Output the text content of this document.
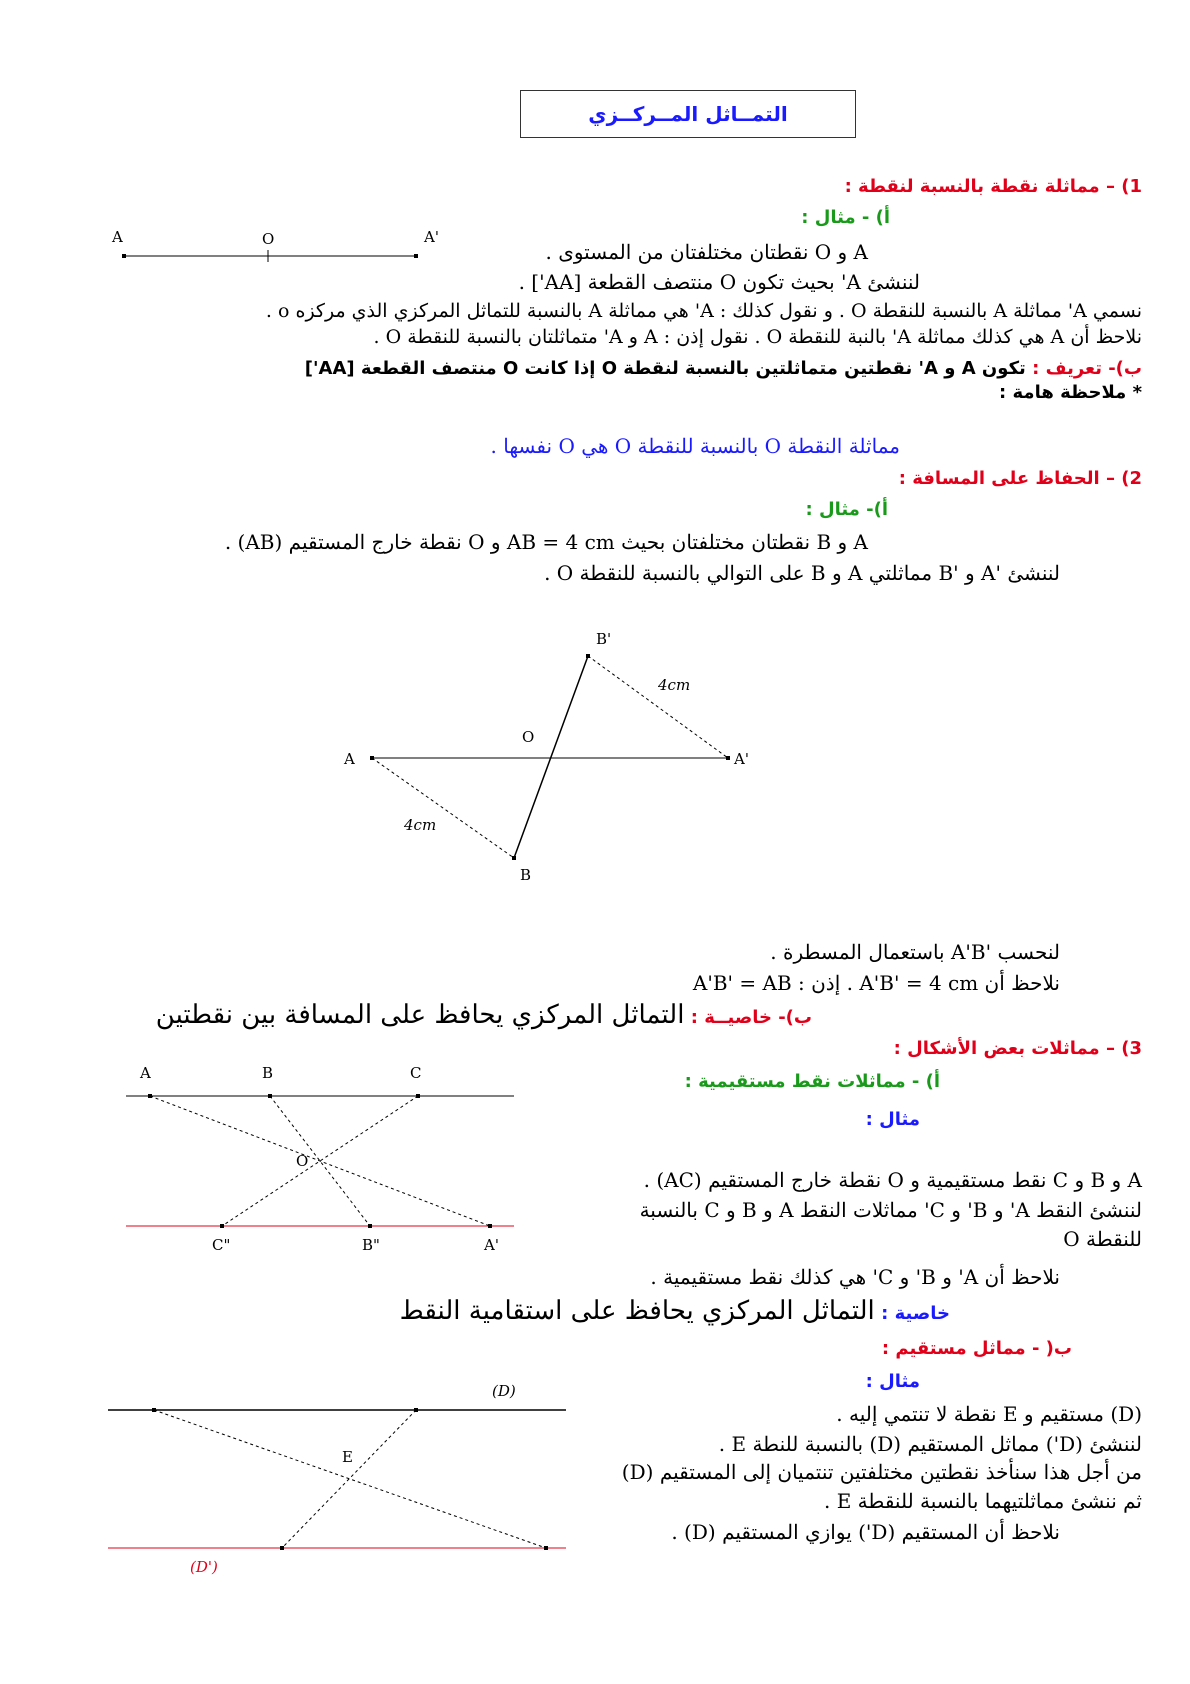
التمــاثل المــركــزي
1) – مماثلة نقطة بالنسبة لنقطة :
أ) - مثال :
A و O نقطتان مختلفتان من المستوى .
لننشئ A' بحيث تكون O منتصف القطعة [AA'] .
نسمي A' مماثلة A بالنسبة للنقطة O . و نقول كذلك : A' هي مماثلة A بالنسبة للتماثل المركزي الذي مركزه o .
نلاحظ أن A هي كذلك مماثلة A' بالنبة للنقطة O . نقول إذن : A و A' متماثلتان بالنسبة للنقطة O .
ب)- تعريف : تكون A و A' نقطتين متماثلتين بالنسبة لنقطة O إذا كانت O منتصف القطعة [AA']
* ملاحظة هامة :
مماثلة النقطة O بالنسبة للنقطة O هي O نفسها .
2) – الحفاظ على المسافة :
أ)- مثال :
A و B نقطتان مختلفتان بحيث AB = 4 cm و O نقطة خارج المستقيم (AB) .
لننشئ 'A و 'B مماثلتي A و B على التوالي بالنسبة للنقطة O .
لنحسب 'A'B باستعمال المسطرة .
نلاحظ أن A'B' = 4 cm . إذن : A'B' = AB
ب)- خاصيــة : التماثل المركزي يحافظ على المسافة بين نقطتين
3) – مماثلات بعض الأشكال :
أ) - مماثلات نقط مستقيمية :
مثال :
A و B و C نقط مستقيمية و O نقطة خارج المستقيم (AC) .
لننشئ النقط A' و B' و C' مماثلات النقط A و B و C بالنسبة
للنقطة O
نلاحظ أن A' و B' و C' هي كذلك نقط مستقيمية .
خاصية : التماثل المركزي يحافظ على استقامية النقط
ب( - مماثل مستقيم :
مثال :
(D) مستقيم و E نقطة لا تنتمي إليه .
لننشئ (D') مماثل المستقيم (D) بالنسبة للنطة E .
من أجل هذا سنأخذ نقطتين مختلفتين تنتميان إلى المستقيم (D)
ثم ننشئ مماثلتيهما بالنسبة للنقطة E .
نلاحظ أن المستقيم (D') يوازي المستقيم (D) .
A	O	A'
A
O
A'
B'
B
4cm
4cm
A	B	C
O
A'
B"
C"
(D)
(D')
E
